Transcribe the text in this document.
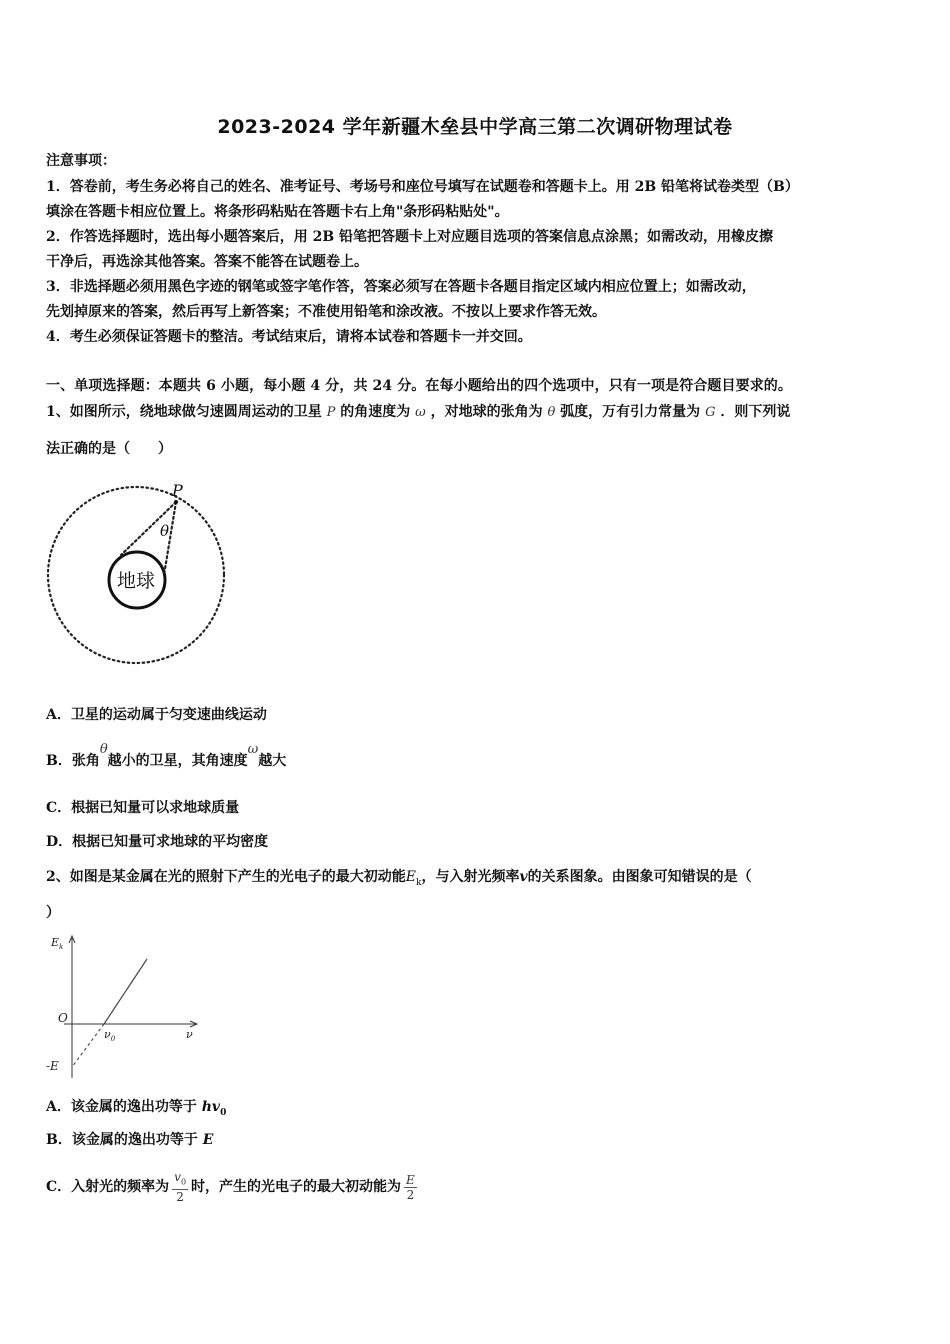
2023-2024 学年新疆木垒县中学高三第二次调研物理试卷
注意事项：
1．答卷前，考生务必将自己的姓名、准考证号、考场号和座位号填写在试题卷和答题卡上。用 2B 铅笔将试卷类型（B）
填涂在答题卡相应位置上。将条形码粘贴在答题卡右上角"条形码粘贴处"。
2．作答选择题时，选出每小题答案后，用 2B 铅笔把答题卡上对应题目选项的答案信息点涂黑；如需改动，用橡皮擦
干净后，再选涂其他答案。答案不能答在试题卷上。
3．非选择题必须用黑色字迹的钢笔或签字笔作答，答案必须写在答题卡各题目指定区域内相应位置上；如需改动，
先划掉原来的答案，然后再写上新答案；不准使用铅笔和涂改液。不按以上要求作答无效。
4．考生必须保证答题卡的整洁。考试结束后，请将本试卷和答题卡一并交回。
一、单项选择题：本题共 6 小题，每小题 4 分，共 24 分。在每小题给出的四个选项中，只有一项是符合题目要求的。
1、如图所示，绕地球做匀速圆周运动的卫星 P 的角速度为 ω ，对地球的张角为 θ 弧度，万有引力常量为 G ．则下列说
法正确的是（　　）
P
θ
地球
A．卫星的运动属于匀变速曲线运动
B．张角θ越小的卫星，其角速度ω越大
C．根据已知量可以求地球质量
D．根据已知量可求地球的平均密度
2、如图是某金属在光的照射下产生的光电子的最大初动能$E_k$，与入射光频率v的关系图象。由图象可知错误的是（
）
$E_k$
O
ν
$\nu_0$
-E
A．该金属的逸出功等于 $hv_0$
B．该金属的逸出功等于 E
C．入射光的频率为 $\frac{v_0}{2}$ 时，产生的光电子的最大初动能为 $\frac{E}{2}$
